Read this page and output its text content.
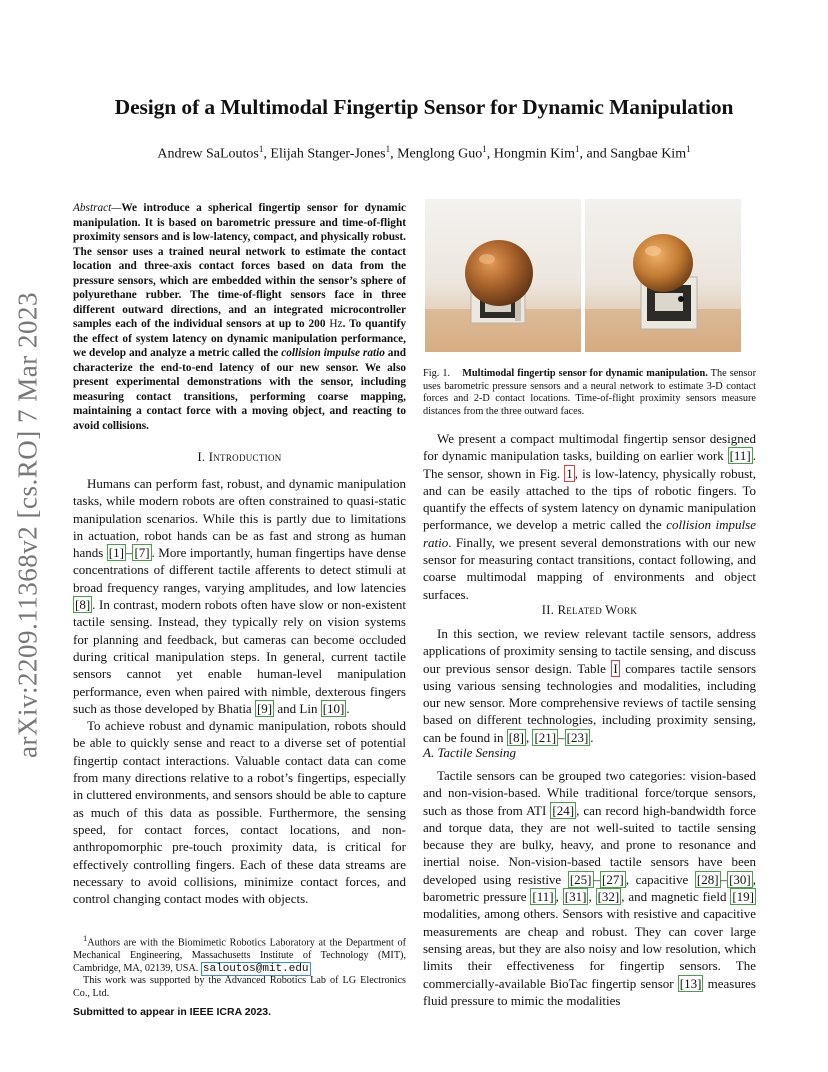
arXiv:2209.11368v2 [cs.RO] 7 Mar 2023
Design of a Multimodal Fingertip Sensor for Dynamic Manipulation
Andrew SaLoutos$^1$, Elijah Stanger-Jones$^1$, Menglong Guo$^1$, Hongmin Kim$^1$, and Sangbae Kim$^1$
Abstract—We introduce a spherical fingertip sensor for dynamic manipulation. It is based on barometric pressure and time-of-flight proximity sensors and is low-latency, compact, and physically robust. The sensor uses a trained neural network to estimate the contact location and three-axis contact forces based on data from the pressure sensors, which are embedded within the sensor’s sphere of polyurethane rubber. The time-of-flight sensors face in three different outward directions, and an integrated microcontroller samples each of the individual sensors at up to 200 Hz. To quantify the effect of system latency on dynamic manipulation performance, we develop and analyze a metric called the collision impulse ratio and characterize the end-to-end latency of our new sensor. We also present experimental demonstrations with the sensor, including measuring contact transitions, performing coarse mapping, maintaining a contact force with a moving object, and reacting to avoid collisions.
I. Introduction

Humans can perform fast, robust, and dynamic manipulation tasks, while modern robots are often constrained to quasi-static manipulation scenarios. While this is partly due to limitations in actuation, robot hands can be as fast and strong as human hands [1] – [7] . More importantly, human fingertips have dense concentrations of different tactile afferents to detect stimuli at broad frequency ranges, varying amplitudes, and low latencies [8] . In contrast, modern robots often have slow or non-existent tactile sensing. Instead, they typically rely on vision systems for planning and feedback, but cameras can become occluded during critical manipulation steps. In general, current tactile sensors cannot yet enable human-level manipulation performance, even when paired with nimble, dexterous fingers such as those developed by Bhatia [9] and Lin [10] .

To achieve robust and dynamic manipulation, robots should be able to quickly sense and react to a diverse set of potential fingertip contact interactions. Valuable contact data can come from many directions relative to a robot’s fingertips, especially in cluttered environments, and sensors should be able to capture as much of this data as possible. Furthermore, the sensing speed, for contact forces, contact locations, and non-anthropomorphic pre-touch proximity data, is critical for effectively controlling fingers. Each of these data streams are necessary to avoid collisions, minimize contact forces, and control changing contact modes with objects.

$^1$Authors are with the Biomimetic Robotics Laboratory at the Department of Mechanical Engineering, Massachusetts Institute of Technology (MIT), Cambridge, MA, 02139, USA. saloutos@mit.edu

This work was supported by the Advanced Robotics Lab of LG Electronics Co., Ltd.

Submitted to appear in IEEE ICRA 2023.
Fig. 1. Multimodal fingertip sensor for dynamic manipulation. The sensor uses barometric pressure sensors and a neural network to estimate 3-D contact forces and 2-D contact locations. Time-of-flight proximity sensors measure distances from the three outward faces.

We present a compact multimodal fingertip sensor designed for dynamic manipulation tasks, building on earlier work [11] . The sensor, shown in Fig. 1 , is low-latency, physically robust, and can be easily attached to the tips of robotic fingers. To quantify the effects of system latency on dynamic manipulation performance, we develop a metric called the collision impulse ratio. Finally, we present several demonstrations with our new sensor for measuring contact transitions, contact following, and coarse multimodal mapping of environments and object surfaces.

II. Related Work

In this section, we review relevant tactile sensors, address applications of proximity sensing to tactile sensing, and discuss our previous sensor design. Table I compares tactile sensors using various sensing technologies and modalities, including our new sensor. More comprehensive reviews of tactile sensing based on different technologies, including proximity sensing, can be found in [8] , [21] – [23] .

A. Tactile Sensing

Tactile sensors can be grouped two categories: vision-based and non-vision-based. While traditional force/torque sensors, such as those from ATI [24] , can record high-bandwidth force and torque data, they are not well-suited to tactile sensing because they are bulky, heavy, and prone to resonance and inertial noise. Non-vision-based tactile sensors have been developed using resistive [25] – [27] , capacitive [28] – [30] , barometric pressure [11] , [31] , [32] , and magnetic field [19] modalities, among others. Sensors with resistive and capacitive measurements are cheap and robust. They can cover large sensing areas, but they are also noisy and low resolution, which limits their effectiveness for fingertip sensors. The commercially-available BioTac fingertip sensor [13] measures fluid pressure to mimic the modalities
